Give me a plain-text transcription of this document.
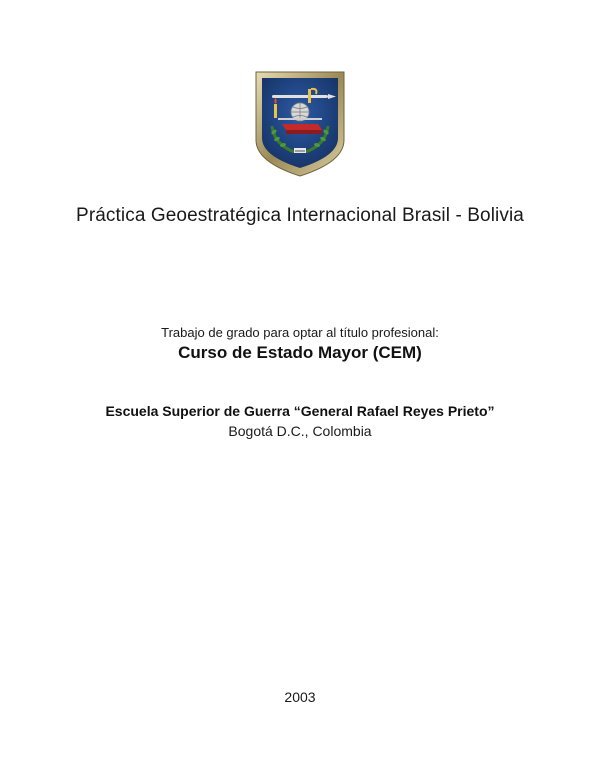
Práctica Geoestratégica Internacional Brasil - Bolivia
Trabajo de grado para optar al título profesional:
Curso de Estado Mayor (CEM)
Escuela Superior de Guerra “General Rafael Reyes Prieto”
Bogotá D.C., Colombia
2003
